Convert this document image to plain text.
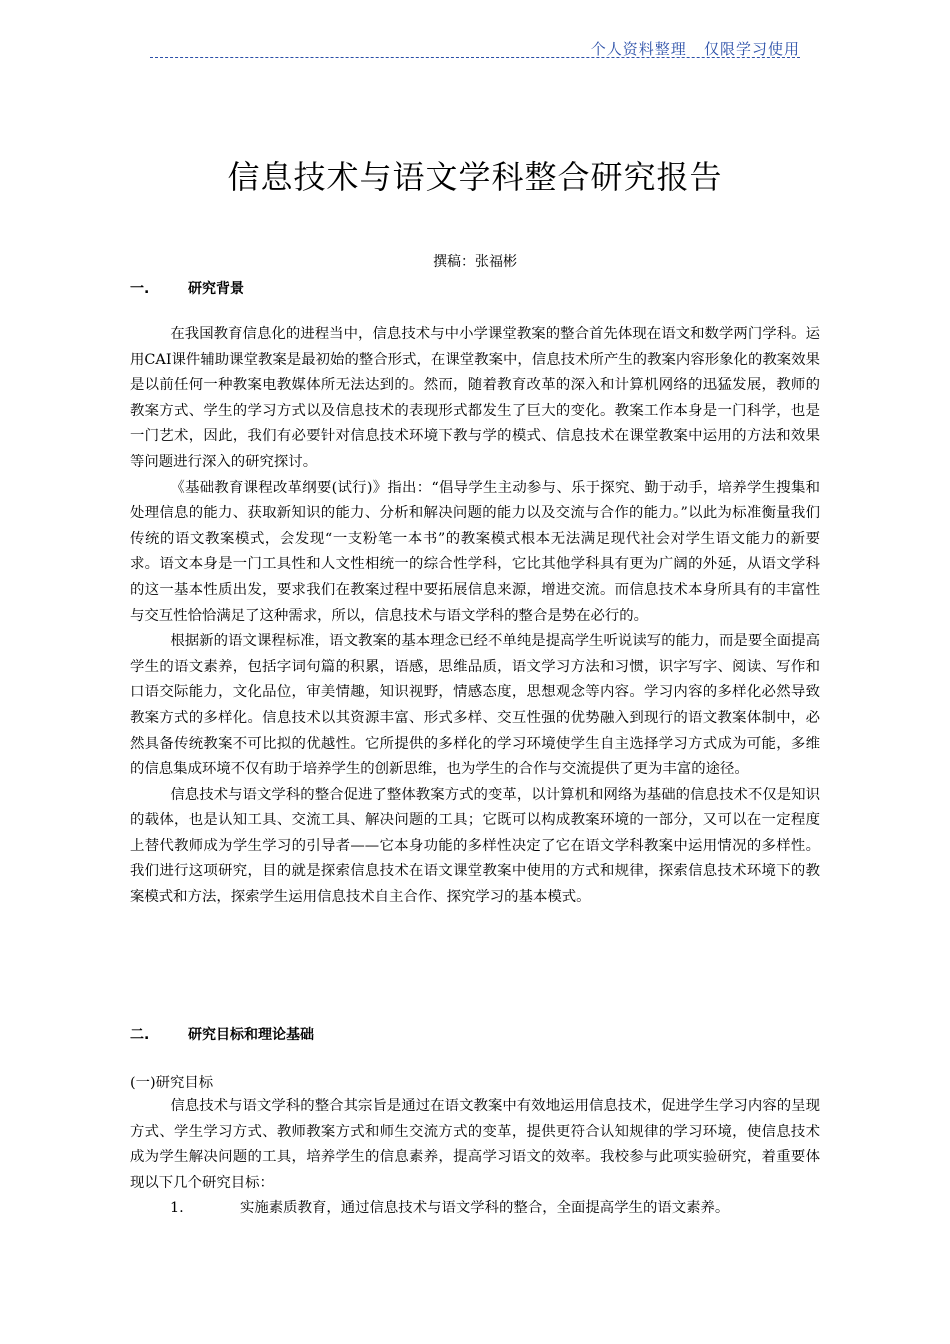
个人资料整理   仅限学习使用
信息技术与语文学科整合研究报告
撰稿：张福彬
一.	研究背景

在我国教育信息化的进程当中，信息技术与中小学课堂教案的整合首先体现在语文和数学两门学科。运用CAI课件辅助课堂教案是最初始的整合形式，在课堂教案中，信息技术所产生的教案内容形象化的教案效果是以前任何一种教案电教媒体所无法达到的。然而，随着教育改革的深入和计算机网络的迅猛发展，教师的教案方式、学生的学习方式以及信息技术的表现形式都发生了巨大的变化。教案工作本身是一门科学，也是一门艺术，因此，我们有必要针对信息技术环境下教与学的模式、信息技术在课堂教案中运用的方法和效果等问题进行深入的研究探讨。

《基础教育课程改革纲要(试行)》指出：“倡导学生主动参与、乐于探究、勤于动手，培养学生搜集和处理信息的能力、获取新知识的能力、分析和解决问题的能力以及交流与合作的能力。”以此为标准衡量我们传统的语文教案模式，会发现“一支粉笔一本书”的教案模式根本无法满足现代社会对学生语文能力的新要求。语文本身是一门工具性和人文性相统一的综合性学科，它比其他学科具有更为广阔的外延，从语文学科的这一基本性质出发，要求我们在教案过程中要拓展信息来源，增进交流。而信息技术本身所具有的丰富性与交互性恰恰满足了这种需求，所以，信息技术与语文学科的整合是势在必行的。

根据新的语文课程标准，语文教案的基本理念已经不单纯是提高学生听说读写的能力，而是要全面提高学生的语文素养，包括字词句篇的积累，语感，思维品质，语文学习方法和习惯，识字写字、阅读、写作和口语交际能力，文化品位，审美情趣，知识视野，情感态度，思想观念等内容。学习内容的多样化必然导致教案方式的多样化。信息技术以其资源丰富、形式多样、交互性强的优势融入到现行的语文教案体制中，必然具备传统教案不可比拟的优越性。它所提供的多样化的学习环境使学生自主选择学习方式成为可能，多维的信息集成环境不仅有助于培养学生的创新思维，也为学生的合作与交流提供了更为丰富的途径。

信息技术与语文学科的整合促进了整体教案方式的变革，以计算机和网络为基础的信息技术不仅是知识的载体，也是认知工具、交流工具、解决问题的工具；它既可以构成教案环境的一部分，又可以在一定程度上替代教师成为学生学习的引导者——它本身功能的多样性决定了它在语文学科教案中运用情况的多样性。我们进行这项研究，目的就是探索信息技术在语文课堂教案中使用的方式和规律，探索信息技术环境下的教案模式和方法，探索学生运用信息技术自主合作、探究学习的基本模式。

二.	研究目标和理论基础
(一)研究目标

信息技术与语文学科的整合其宗旨是通过在语文教案中有效地运用信息技术，促进学生学习内容的呈现方式、学生学习方式、教师教案方式和师生交流方式的变革，提供更符合认知规律的学习环境，使信息技术成为学生解决问题的工具，培养学生的信息素养，提高学习语文的效率。我校参与此项实验研究，着重要体现以下几个研究目标：

1.	实施素质教育，通过信息技术与语文学科的整合，全面提高学生的语文素养。
